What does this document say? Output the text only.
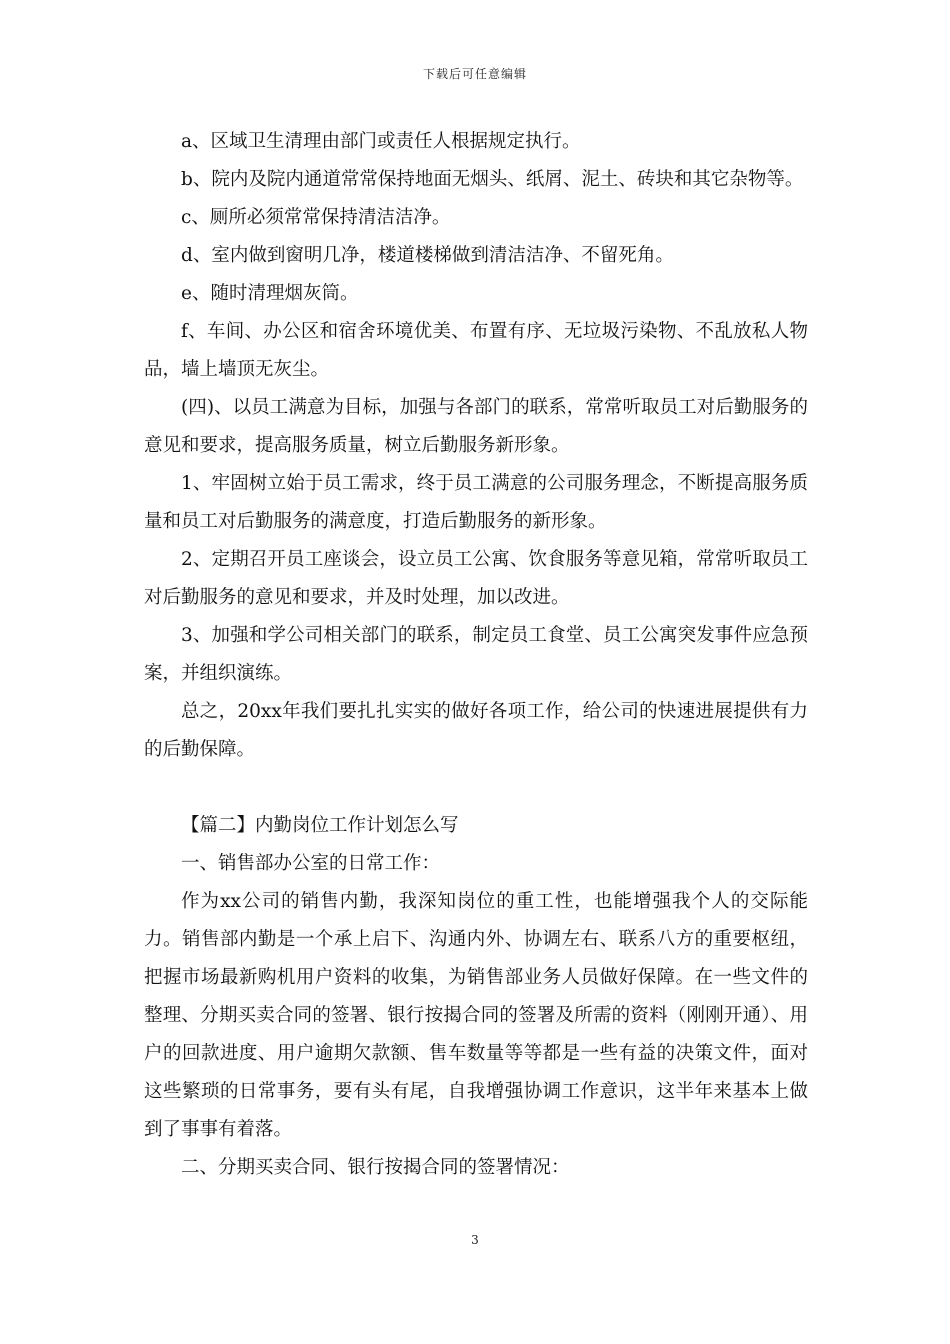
下载后可任意编辑

a、区域卫生清理由部门或责任人根据规定执行。

b、院内及院内通道常常保持地面无烟头、纸屑、泥土、砖块和其它杂物等。

c、厕所必须常常保持清洁洁净。

d、室内做到窗明几净，楼道楼梯做到清洁洁净、不留死角。

e、随时清理烟灰筒。

f、车间、办公区和宿舍环境优美、布置有序、无垃圾污染物、不乱放私人物品，墙上墙顶无灰尘。

(四)、以员工满意为目标，加强与各部门的联系，常常听取员工对后勤服务的意见和要求，提高服务质量，树立后勤服务新形象。

1、牢固树立始于员工需求，终于员工满意的公司服务理念，不断提高服务质量和员工对后勤服务的满意度，打造后勤服务的新形象。

2、定期召开员工座谈会，设立员工公寓、饮食服务等意见箱，常常听取员工对后勤服务的意见和要求，并及时处理，加以改进。

3、加强和学公司相关部门的联系，制定员工食堂、员工公寓突发事件应急预案，并组织演练。

总之，20xx年我们要扎扎实实的做好各项工作，给公司的快速进展提供有力的后勤保障。

【篇二】内勤岗位工作计划怎么写

一、销售部办公室的日常工作：

作为xx公司的销售内勤，我深知岗位的重工性，也能增强我个人的交际能力。销售部内勤是一个承上启下、沟通内外、协调左右、联系八方的重要枢纽，把握市场最新购机用户资料的收集，为销售部业务人员做好保障。在一些文件的整理、分期买卖合同的签署、银行按揭合同的签署及所需的资料（刚刚开通）、用户的回款进度、用户逾期欠款额、售车数量等等都是一些有益的决策文件，面对这些繁琐的日常事务，要有头有尾，自我增强协调工作意识，这半年来基本上做到了事事有着落。

二、分期买卖合同、银行按揭合同的签署情况：

3
